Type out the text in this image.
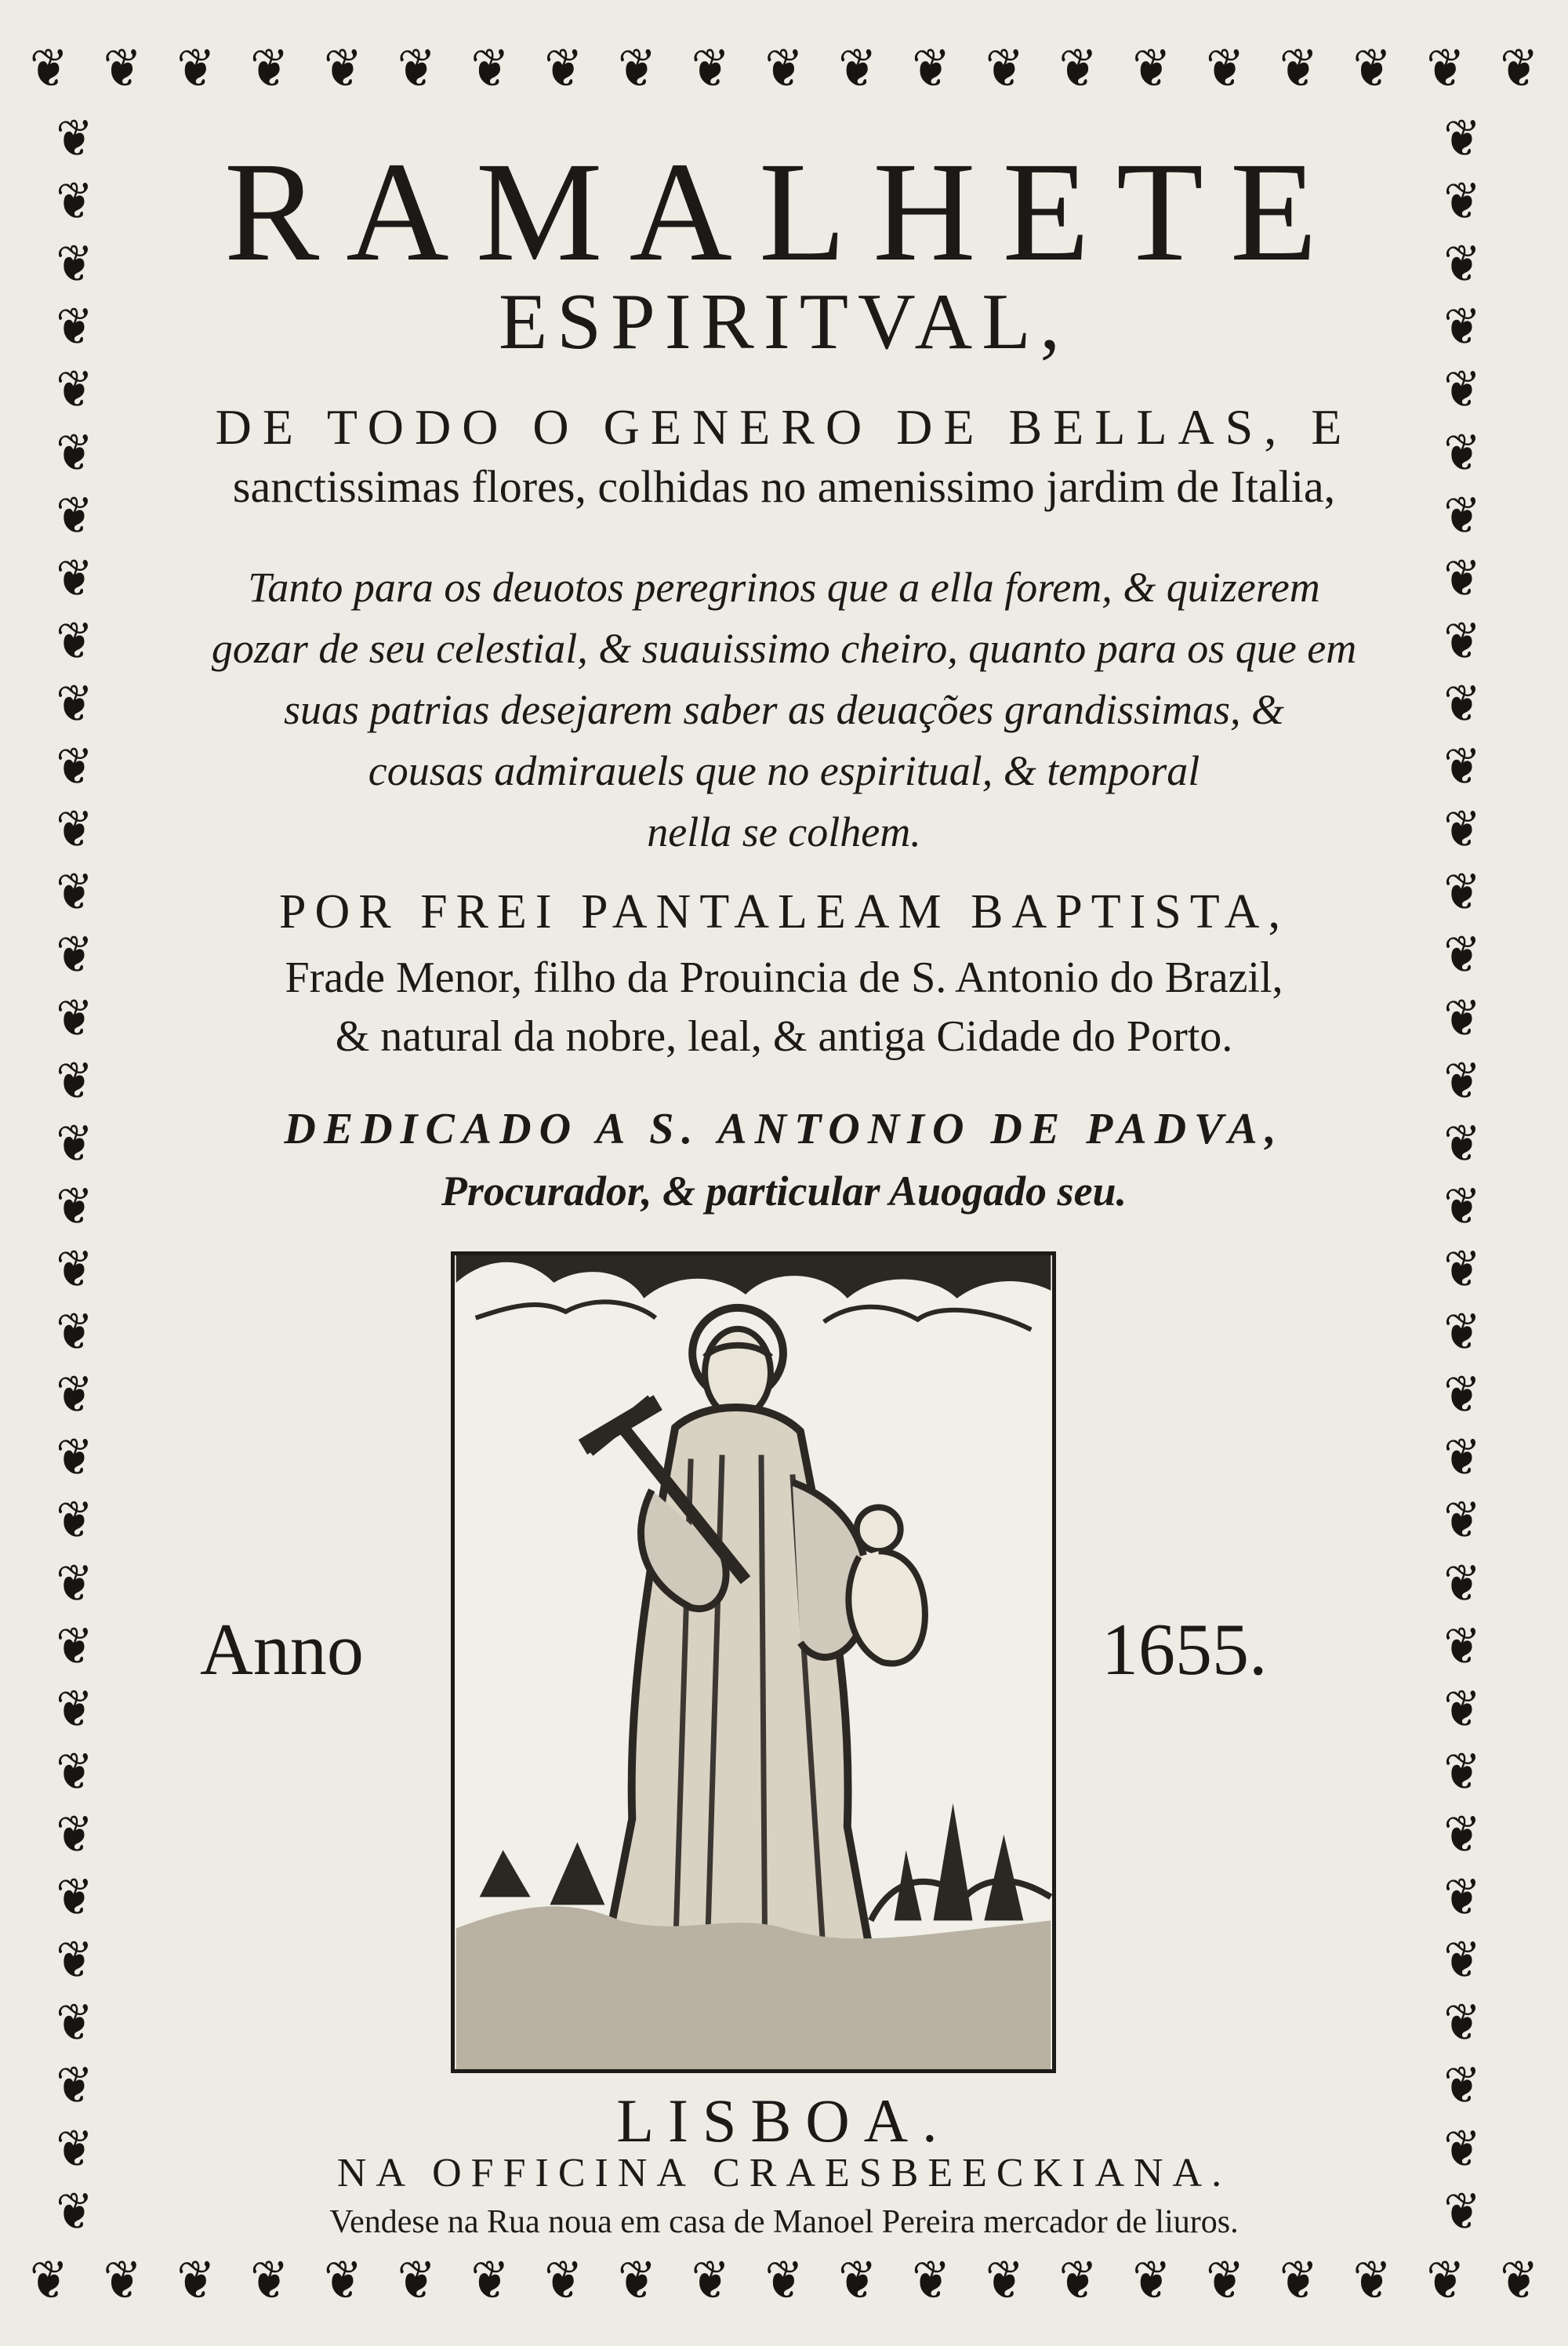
❦ ❦ ❦ ❦ ❦ ❦ ❦ ❦ ❦ ❦ ❦ ❦ ❦ ❦ ❦ ❦ ❦ ❦ ❦ ❦ ❦
❦
❦
❦
❦
❦
❦
❦
❦
❦
❦
❦
❦
❦
❦
❦
❦
❦
❦
❦
❦
❦
❦
❦
❦
❦
❦
❦
❦
❦
❦
❦
❦
❦
❦
❦
❦
❦
❦
❦
❦
❦
❦
❦
❦
❦
❦
❦
❦
❦
❦
❦
❦
❦
❦
❦
❦
❦
❦
❦
❦
❦
❦
❦
❦
❦
❦
❦
❦
RAMALHETE
ESPIRITVAL,
DE TODO O GENERO DE BELLAS, E
sanctissimas flores, colhidas no amenissimo jardim de Italia,
Tanto para os deuotos peregrinos que a ella forem, & quizerem
gozar de seu celestial, & suauissimo cheiro, quanto para os que em
suas patrias desejarem saber as deuações grandissimas, &
cousas admirauels que no espiritual, & temporal
nella se colhem.
POR FREI PANTALEAM BAPTISTA,
Frade Menor, filho da Prouincia de S. Antonio do Brazil,
& natural da nobre, leal, & antiga Cidade do Porto.
DEDICADO A S. ANTONIO DE PADVA,
Procurador, & particular Auogado seu.
Anno	1655.
LISBOA.
NA OFFICINA CRAESBEECKIANA.
Vendese na Rua noua em casa de Manoel Pereira mercador de liuros.
❦ ❦ ❦ ❦ ❦ ❦ ❦ ❦ ❦ ❦ ❦ ❦ ❦ ❦ ❦ ❦ ❦ ❦ ❦ ❦ ❦
